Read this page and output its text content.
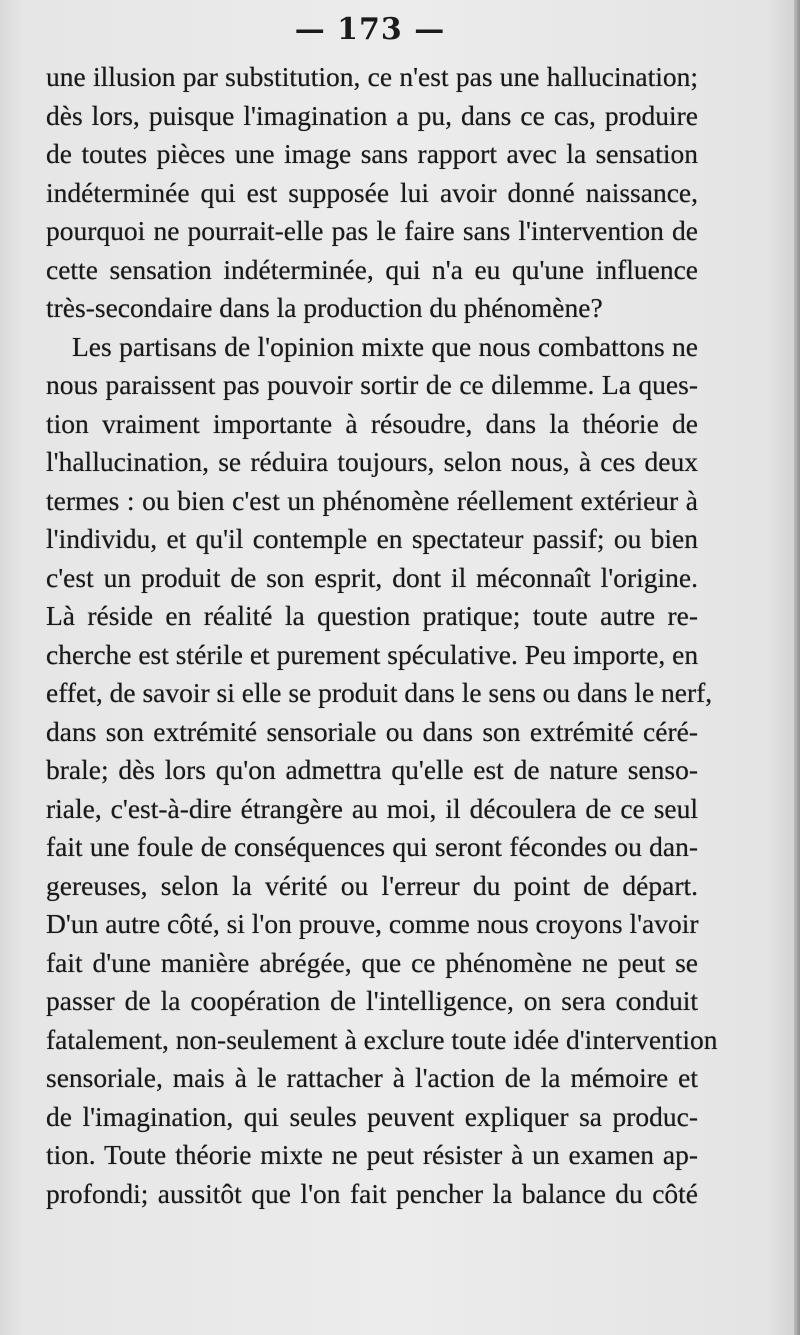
— 173 —
une illusion par substitution, ce n'est pas une hallucination;
dès lors, puisque l'imagination a pu, dans ce cas, produire
de toutes pièces une image sans rapport avec la sensation
indéterminée qui est supposée lui avoir donné naissance,
pourquoi ne pourrait-elle pas le faire sans l'intervention de
cette sensation indéterminée, qui n'a eu qu'une influence
très-secondaire dans la production du phénomène?
Les partisans de l'opinion mixte que nous combattons ne
nous paraissent pas pouvoir sortir de ce dilemme. La ques-
tion vraiment importante à résoudre, dans la théorie de
l'hallucination, se réduira toujours, selon nous, à ces deux
termes : ou bien c'est un phénomène réellement extérieur à
l'individu, et qu'il contemple en spectateur passif; ou bien
c'est un produit de son esprit, dont il méconnaît l'origine.
Là réside en réalité la question pratique; toute autre re-
cherche est stérile et purement spéculative. Peu importe, en
effet, de savoir si elle se produit dans le sens ou dans le nerf,
dans son extrémité sensoriale ou dans son extrémité céré-
brale; dès lors qu'on admettra qu'elle est de nature senso-
riale, c'est-à-dire étrangère au moi, il découlera de ce seul
fait une foule de conséquences qui seront fécondes ou dan-
gereuses, selon la vérité ou l'erreur du point de départ.
D'un autre côté, si l'on prouve, comme nous croyons l'avoir
fait d'une manière abrégée, que ce phénomène ne peut se
passer de la coopération de l'intelligence, on sera conduit
fatalement, non-seulement à exclure toute idée d'intervention
sensoriale, mais à le rattacher à l'action de la mémoire et
de l'imagination, qui seules peuvent expliquer sa produc-
tion. Toute théorie mixte ne peut résister à un examen ap-
profondi; aussitôt que l'on fait pencher la balance du côté
